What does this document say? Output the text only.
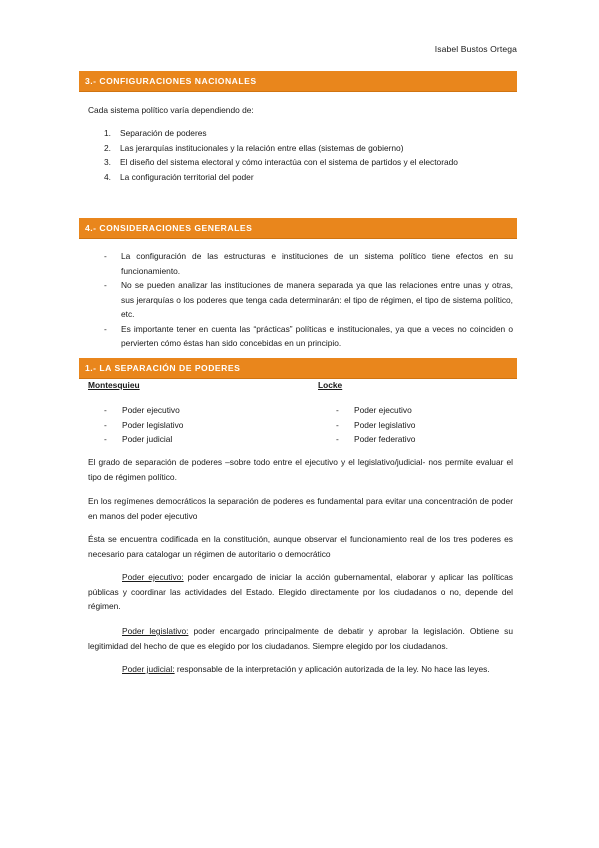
Isabel Bustos Ortega
3.- CONFIGURACIONES NACIONALES
Cada sistema político varía dependiendo de:
1. Separación de poderes
2. Las jerarquías institucionales y la relación entre ellas (sistemas de gobierno)
3. El diseño del sistema electoral y cómo interactúa con el sistema de partidos y el electorado
4. La configuración territorial del poder
4.- CONSIDERACIONES GENERALES
- La configuración de las estructuras e instituciones de un sistema político tiene efectos en su funcionamiento.
- No se pueden analizar las instituciones de manera separada ya que las relaciones entre unas y otras, sus jerarquías o los poderes que tenga cada determinarán: el tipo de régimen, el tipo de sistema político, etc.
- Es importante tener en cuenta las “prácticas” políticas e institucionales, ya que a veces no coinciden o pervierten cómo éstas han sido concebidas en un principio.
1.- LA SEPARACIÓN DE PODERES
Montesquieu
- Poder ejecutivo
- Poder legislativo
- Poder judicial
Locke
- Poder ejecutivo
- Poder legislativo
- Poder federativo
El grado de separación de poderes –sobre todo entre el ejecutivo y el legislativo/judicial- nos permite evaluar el tipo de régimen político.
En los regímenes democráticos la separación de poderes es fundamental para evitar una concentración de poder en manos del poder ejecutivo
Ésta se encuentra codificada en la constitución, aunque observar el funcionamiento real de los tres poderes es necesario para catalogar un régimen de autoritario o democrático
Poder ejecutivo: poder encargado de iniciar la acción gubernamental, elaborar y aplicar las políticas públicas y coordinar las actividades del Estado. Elegido directamente por los ciudadanos o no, depende del régimen.
Poder legislativo: poder encargado principalmente de debatir y aprobar la legislación. Obtiene su legitimidad del hecho de que es elegido por los ciudadanos. Siempre elegido por los ciudadanos.
Poder judicial: responsable de la interpretación y aplicación autorizada de la ley. No hace las leyes.
